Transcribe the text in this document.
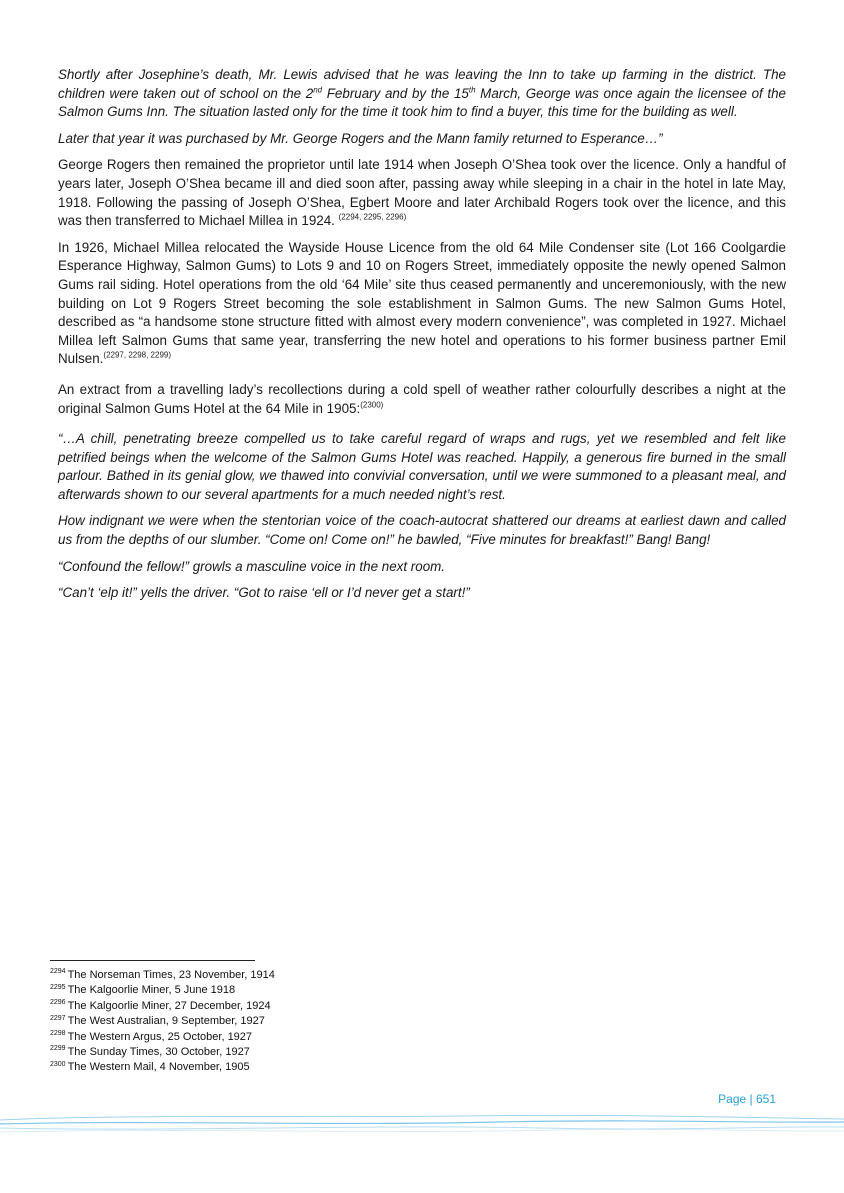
Shortly after Josephine’s death, Mr. Lewis advised that he was leaving the Inn to take up farming in the district. The children were taken out of school on the 2nd February and by the 15th March, George was once again the licensee of the Salmon Gums Inn. The situation lasted only for the time it took him to find a buyer, this time for the building as well.

Later that year it was purchased by Mr. George Rogers and the Mann family returned to Esperance…”

George Rogers then remained the proprietor until late 1914 when Joseph O’Shea took over the licence. Only a handful of years later, Joseph O’Shea became ill and died soon after, passing away while sleeping in a chair in the hotel in late May, 1918. Following the passing of Joseph O’Shea, Egbert Moore and later Archibald Rogers took over the licence, and this was then transferred to Michael Millea in 1924. $^{(2294, 2295, 2296)}$

In 1926, Michael Millea relocated the Wayside House Licence from the old 64 Mile Condenser site (Lot 166 Coolgardie Esperance Highway, Salmon Gums) to Lots 9 and 10 on Rogers Street, immediately opposite the newly opened Salmon Gums rail siding. Hotel operations from the old ‘64 Mile’ site thus ceased permanently and unceremoniously, with the new building on Lot 9 Rogers Street becoming the sole establishment in Salmon Gums. The new Salmon Gums Hotel, described as “a handsome stone structure fitted with almost every modern convenience”, was completed in 1927. Michael Millea left Salmon Gums that same year, transferring the new hotel and operations to his former business partner Emil Nulsen.$^{(2297, 2298, 2299)}$

An extract from a travelling lady’s recollections during a cold spell of weather rather colourfully describes a night at the original Salmon Gums Hotel at the 64 Mile in 1905:$^{(2300)}$

“…A chill, penetrating breeze compelled us to take careful regard of wraps and rugs, yet we resembled and felt like petrified beings when the welcome of the Salmon Gums Hotel was reached. Happily, a generous fire burned in the small parlour. Bathed in its genial glow, we thawed into convivial conversation, until we were summoned to a pleasant meal, and afterwards shown to our several apartments for a much needed night’s rest.

How indignant we were when the stentorian voice of the coach-autocrat shattered our dreams at earliest dawn and called us from the depths of our slumber. “Come on! Come on!” he bawled, “Five minutes for breakfast!” Bang! Bang!

“Confound the fellow!” growls a masculine voice in the next room.

“Can’t ‘elp it!” yells the driver. “Got to raise ‘ell or I’d never get a start!”

$^{2294}$ The Norseman Times, 23 November, 1914
$^{2295}$ The Kalgoorlie Miner, 5 June 1918
$^{2296}$ The Kalgoorlie Miner, 27 December, 1924
$^{2297}$ The West Australian, 9 September, 1927
$^{2298}$ The Western Argus, 25 October, 1927
$^{2299}$ The Sunday Times, 30 October, 1927
$^{2300}$ The Western Mail, 4 November, 1905
Page | 651
